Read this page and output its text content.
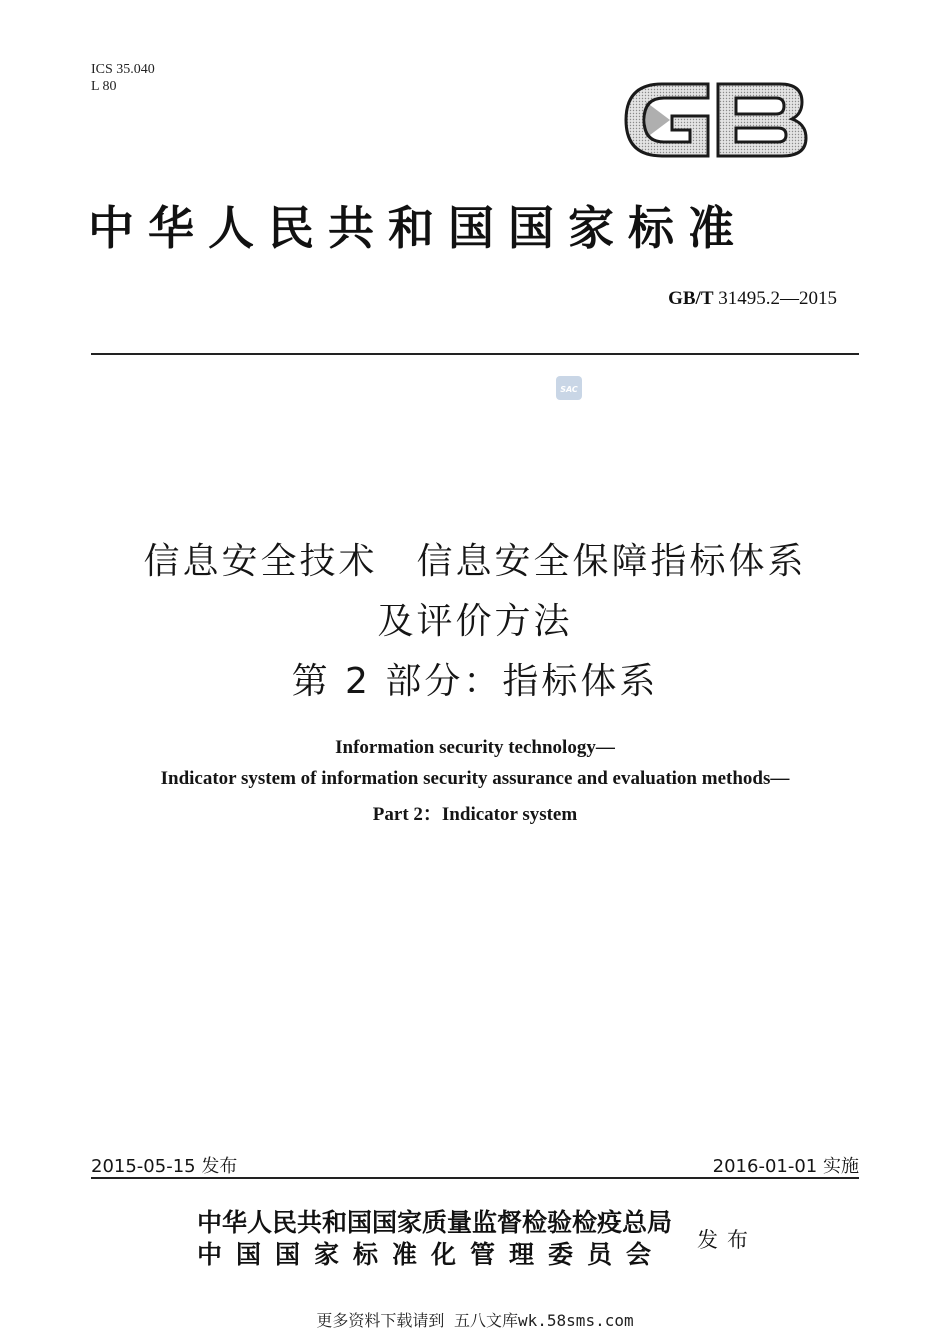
ICS 35.040
L 80
中华人民共和国国家标准
GB/T 31495.2—2015
SAC
信息安全技术　信息安全保障指标体系
及评价方法
第 2 部分：指标体系
Information security technology—
Indicator system of information security assurance and evaluation methods—
Part 2：Indicator system
2015-05-15 发布	2016-01-01 实施
中华人民共和国国家质量监督检验检疫总局
中国国家标准化管理委员会	发布
更多资料下载请到 五八文库wk.58sms.com
